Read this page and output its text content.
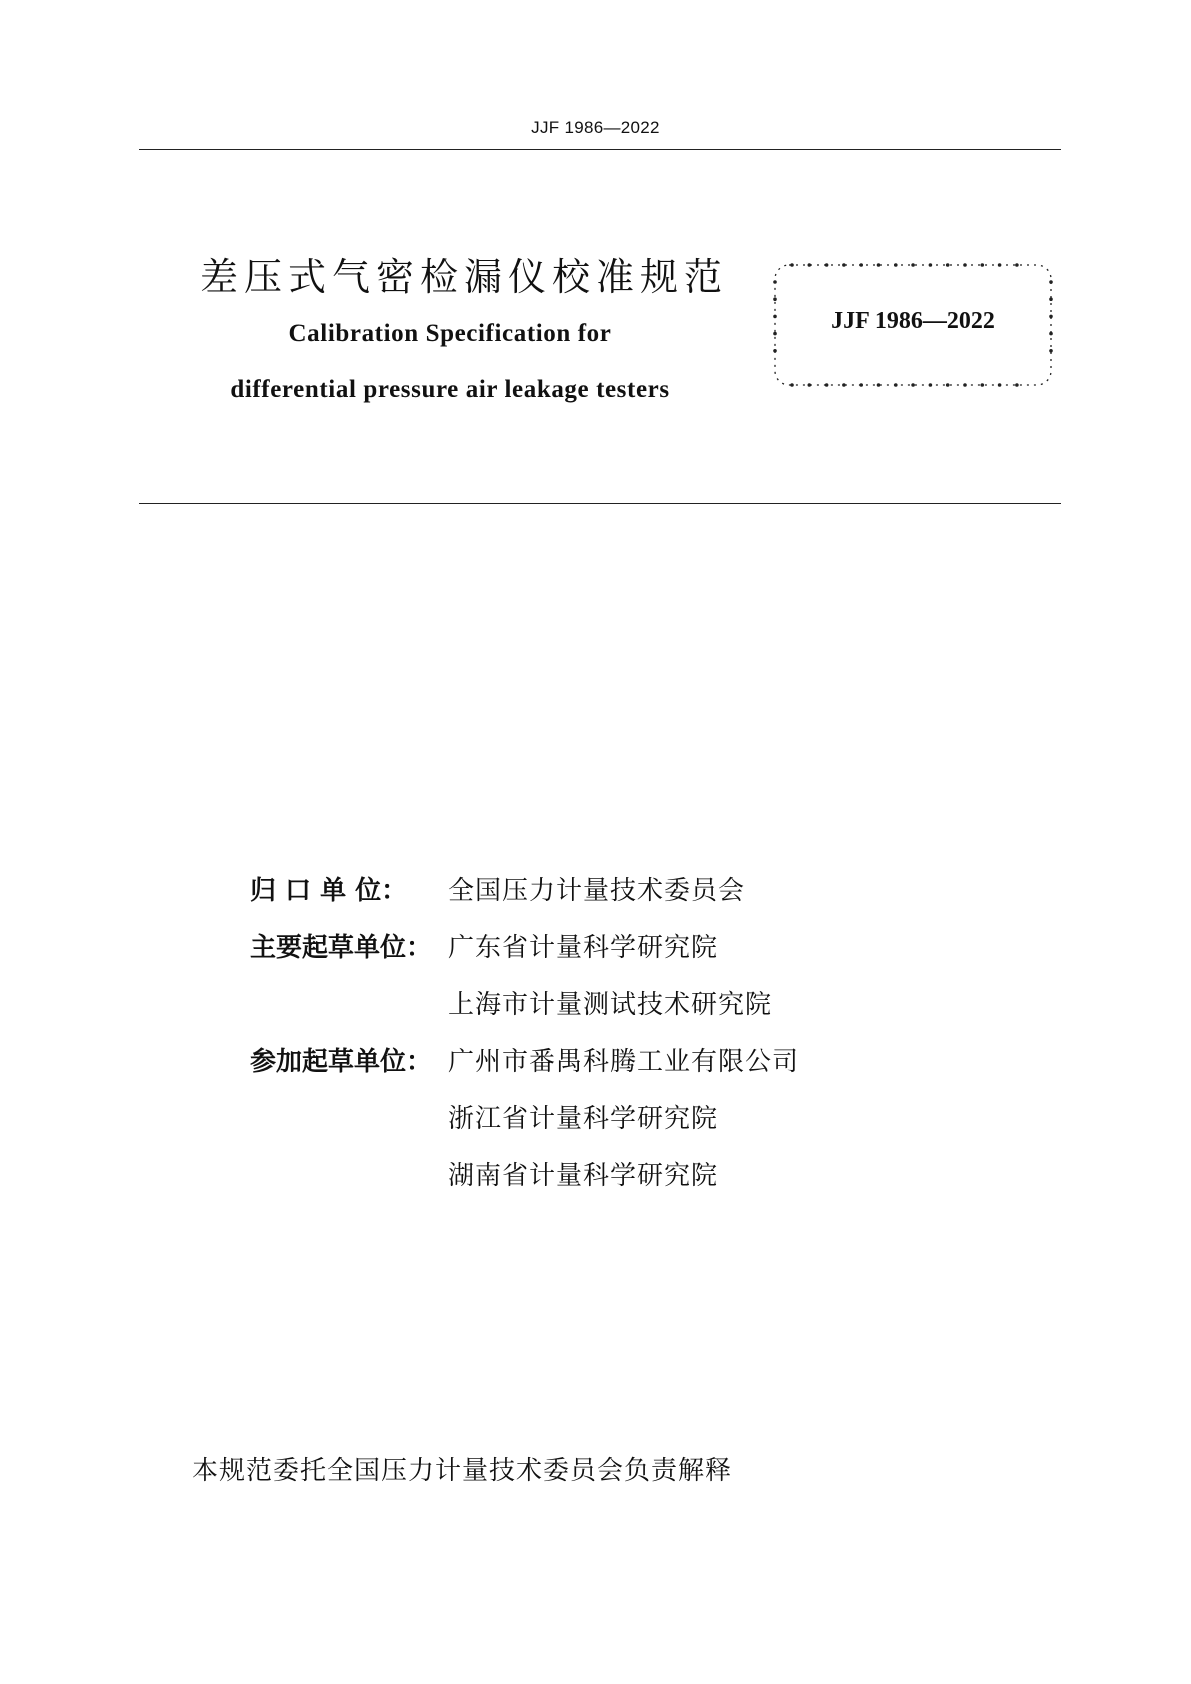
JJF 1986—2022
差压式气密检漏仪校准规范
Calibration Specification for
differential pressure air leakage testers
JJF 1986—2022
归 口 单 位：	全国压力计量技术委员会
主要起草单位： 广东省计量科学研究院
上海市计量测试技术研究院
参加起草单位： 广州市番禺科腾工业有限公司
浙江省计量科学研究院
湖南省计量科学研究院
本规范委托全国压力计量技术委员会负责解释
